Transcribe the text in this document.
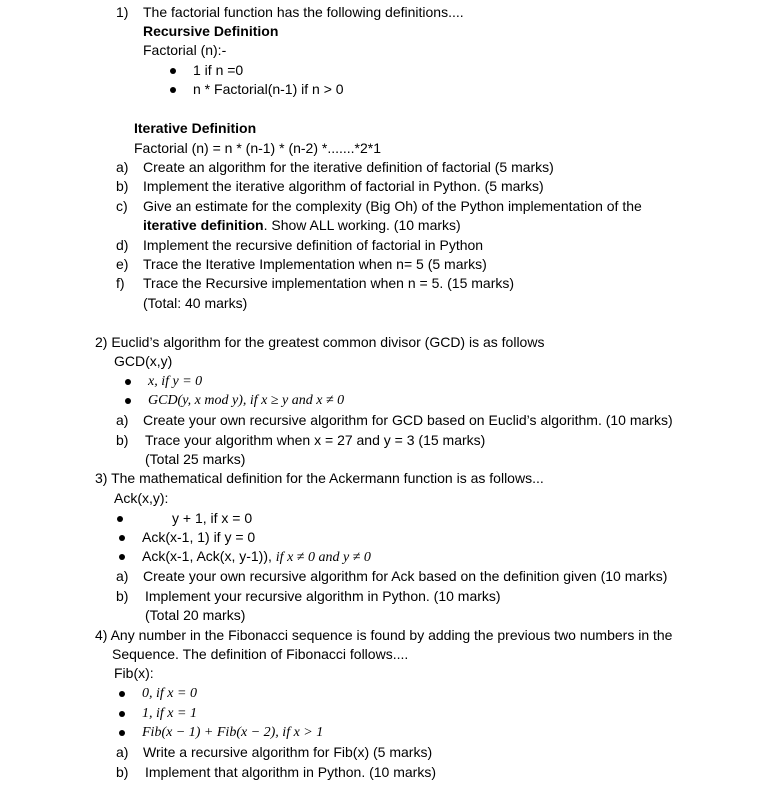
1) The factorial function has the following definitions....
Recursive Definition
Factorial (n):-
1 if n =0
n * Factorial(n-1) if n > 0
Iterative Definition
Factorial (n) = n * (n-1) * (n-2) *.......*2*1
a) Create an algorithm for the iterative definition of factorial (5 marks)
b) Implement the iterative algorithm of factorial in Python. (5 marks)
c) Give an estimate for the complexity (Big Oh) of the Python implementation of the
iterative definition. Show ALL working. (10 marks)
d) Implement the recursive definition of factorial in Python
e) Trace the Iterative Implementation when n= 5 (5 marks)
f) Trace the Recursive implementation when n = 5. (15 marks)
(Total: 40 marks)
2) Euclid’s algorithm for the greatest common divisor (GCD) is as follows
GCD(x,y)
x, if y = 0
GCD(y, x mod y), if x ≥ y and x ≠ 0
a) Create your own recursive algorithm for GCD based on Euclid’s algorithm. (10 marks)
b) Trace your algorithm when x = 27 and y = 3 (15 marks)
(Total 25 marks)
3) The mathematical definition for the Ackermann function is as follows...
Ack(x,y):
y + 1, if x = 0
Ack(x-1, 1) if y = 0
Ack(x-1, Ack(x, y-1)), if x ≠ 0 and y ≠ 0
a) Create your own recursive algorithm for Ack based on the definition given (10 marks)
b) Implement your recursive algorithm in Python. (10 marks)
(Total 20 marks)
4) Any number in the Fibonacci sequence is found by adding the previous two numbers in the
Sequence. The definition of Fibonacci follows....
Fib(x):
0, if x = 0
1, if x = 1
Fib(x − 1) + Fib(x − 2), if x > 1
a) Write a recursive algorithm for Fib(x) (5 marks)
b) Implement that algorithm in Python. (10 marks)
